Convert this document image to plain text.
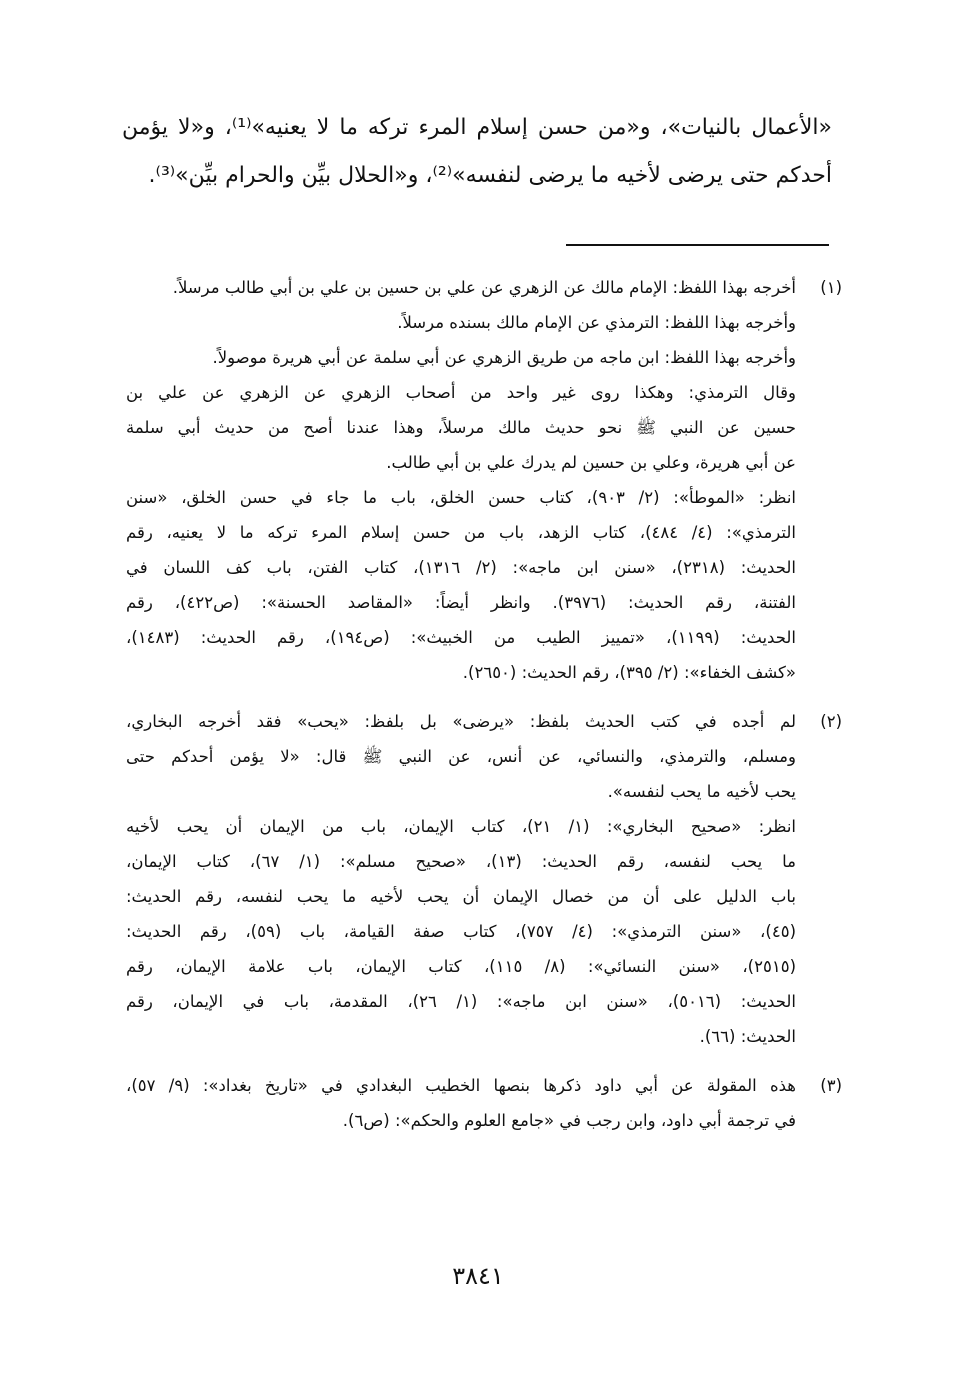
«الأعمال بالنيات»، و«من حسن إسلام المرء تركه ما لا يعنيه»⁽¹⁾، و«لا يؤمن
أحدكم حتى يرضى لأخيه ما يرضى لنفسه»⁽²⁾، و«الحلال بيِّن والحرام بيِّن»⁽³⁾.
(١)
أخرجه بهذا اللفظ: الإمام مالك عن الزهري عن علي بن حسين بن علي بن أبي طالب مرسلاً.
وأخرجه بهذا اللفظ: الترمذي عن الإمام مالك بسنده مرسلاً.
وأخرجه بهذا اللفظ: ابن ماجه من طريق الزهري عن أبي سلمة عن أبي هريرة موصولاً.
وقال الترمذي: وهكذا روى غير واحد من أصحاب الزهري عن الزهري عن علي بن
حسين عن النبي ﷺ نحو حديث مالك مرسلاً، وهذا عندنا أصح من حديث أبي سلمة
عن أبي هريرة، وعلي بن حسين لم يدرك علي بن أبي طالب.
انظر: «الموطأ»: (٢/ ٩٠٣)، كتاب حسن الخلق، باب ما جاء في حسن الخلق، «سنن
الترمذي»: (٤/ ٤٨٤)، كتاب الزهد، باب من حسن إسلام المرء تركه ما لا يعنيه، رقم
الحديث: (٢٣١٨)، «سنن ابن ماجه»: (٢/ ١٣١٦)، كتاب الفتن، باب كف اللسان في
الفتنة، رقم الحديث: (٣٩٧٦). وانظر أيضاً: «المقاصد الحسنة»: (ص٤٢٢)، رقم
الحديث: (١١٩٩)، «تمييز الطيب من الخبيث»: (ص١٩٤)، رقم الحديث: (١٤٨٣)،
«كشف الخفاء»: (٢/ ٣٩٥)، رقم الحديث: (٢٦٥٠).
(٢)
لم أجده في كتب الحديث بلفظ: «يرضى» بل بلفظ: «يحب» فقد أخرجه البخاري،
ومسلم، والترمذي، والنسائي، عن أنس، عن النبي ﷺ قال: «لا يؤمن أحدكم حتى
يحب لأخيه ما يحب لنفسه».
انظر: «صحيح البخاري»: (١/ ٢١)، كتاب الإيمان، باب من الإيمان أن يحب لأخيه
ما يحب لنفسه، رقم الحديث: (١٣)، «صحيح مسلم»: (١/ ٦٧)، كتاب الإيمان،
باب الدليل على أن من خصال الإيمان أن يحب لأخيه ما يحب لنفسه، رقم الحديث:
(٤٥)، «سنن الترمذي»: (٤/ ٧٥٧)، كتاب صفة القيامة، باب (٥٩)، رقم الحديث:
(٢٥١٥)، «سنن النسائي»: (٨/ ١١٥)، كتاب الإيمان، باب علامة الإيمان، رقم
الحديث: (٥٠١٦)، «سنن ابن ماجه»: (١/ ٢٦)، المقدمة، باب في الإيمان، رقم
الحديث: (٦٦).
(٣)
هذه المقولة عن أبي داود ذكرها بنصها الخطيب البغدادي في «تاريخ بغداد»: (٩/ ٥٧)،
في ترجمة أبي داود، وابن رجب في «جامع العلوم والحكم»: (ص٦).
٣٨٤١
